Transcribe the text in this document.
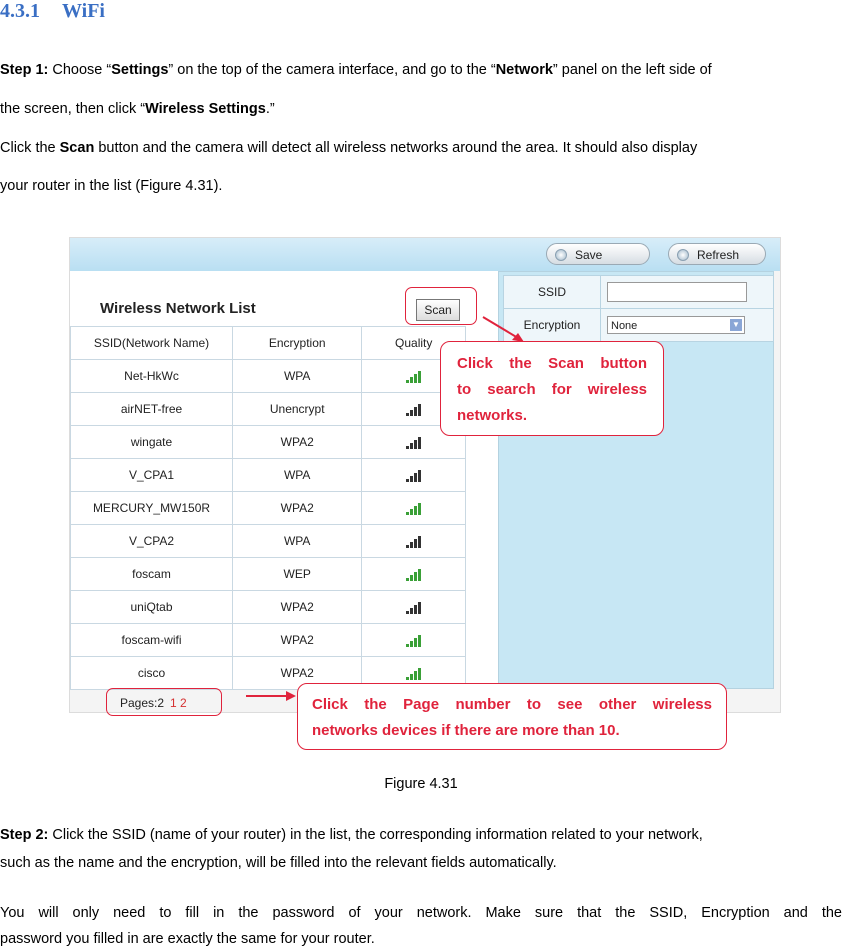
4.3.1 WiFi
Step 1: Choose “Settings” on the top of the camera interface, and go to the “Network” panel on the left side of
the screen, then click “Wireless Settings.”
Click the Scan button and the camera will detect all wireless networks around the area. It should also display
your router in the list (Figure 4.31).
Save	Refresh
Wireless Network List	Scan
SSID(Network Name)	Encryption	Quality
Net-HkWc	WPA	

airNET-free	Unencrypt	

wingate	WPA2	

V_CPA1	WPA	

MERCURY_MW150R	WPA2	

V_CPA2	WPA	

foscam	WEP	

uniQtab	WPA2	

foscam-wifi	WPA2	

cisco	WPA2	
Pages:2 1 2
SSID	

Encryption	None ▼
Click the Scan button
to search for wireless
networks.
Click the Page number to see other wireless
networks devices if there are more than 10.
Figure 4.31
Step 2: Click the SSID (name of your router) in the list, the corresponding information related to your network,
such as the name and the encryption, will be filled into the relevant fields automatically.
You will only need to fill in the password of your network. Make sure that the SSID, Encryption and the
password you filled in are exactly the same for your router.
